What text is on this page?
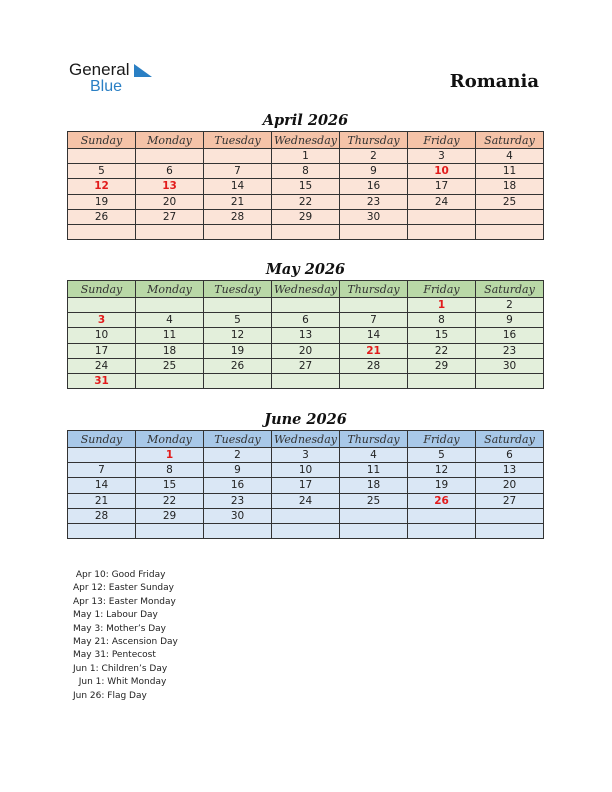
General
Blue	Romania
April 2026
Sunday	Monday	Tuesday	Wednesday	Thursday	Friday	Saturday
			1	2	3	4
5	6	7	8	9	10	11
12	13	14	15	16	17	18
19	20	21	22	23	24	25
26	27	28	29	30		

May 2026
Sunday	Monday	Tuesday	Wednesday	Thursday	Friday	Saturday
					1	2
3	4	5	6	7	8	9
10	11	12	13	14	15	16
17	18	19	20	21	22	23
24	25	26	27	28	29	30
31						
June 2026
Sunday	Monday	Tuesday	Wednesday	Thursday	Friday	Saturday
	1	2	3	4	5	6
7	8	9	10	11	12	13
14	15	16	17	18	19	20
21	22	23	24	25	26	27
28	29	30				

Apr 10: Good Friday
Apr 12: Easter Sunday
Apr 13: Easter Monday
May 1: Labour Day
May 3: Mother’s Day
May 21: Ascension Day
May 31: Pentecost
Jun 1: Children’s Day
Jun 1: Whit Monday
Jun 26: Flag Day
